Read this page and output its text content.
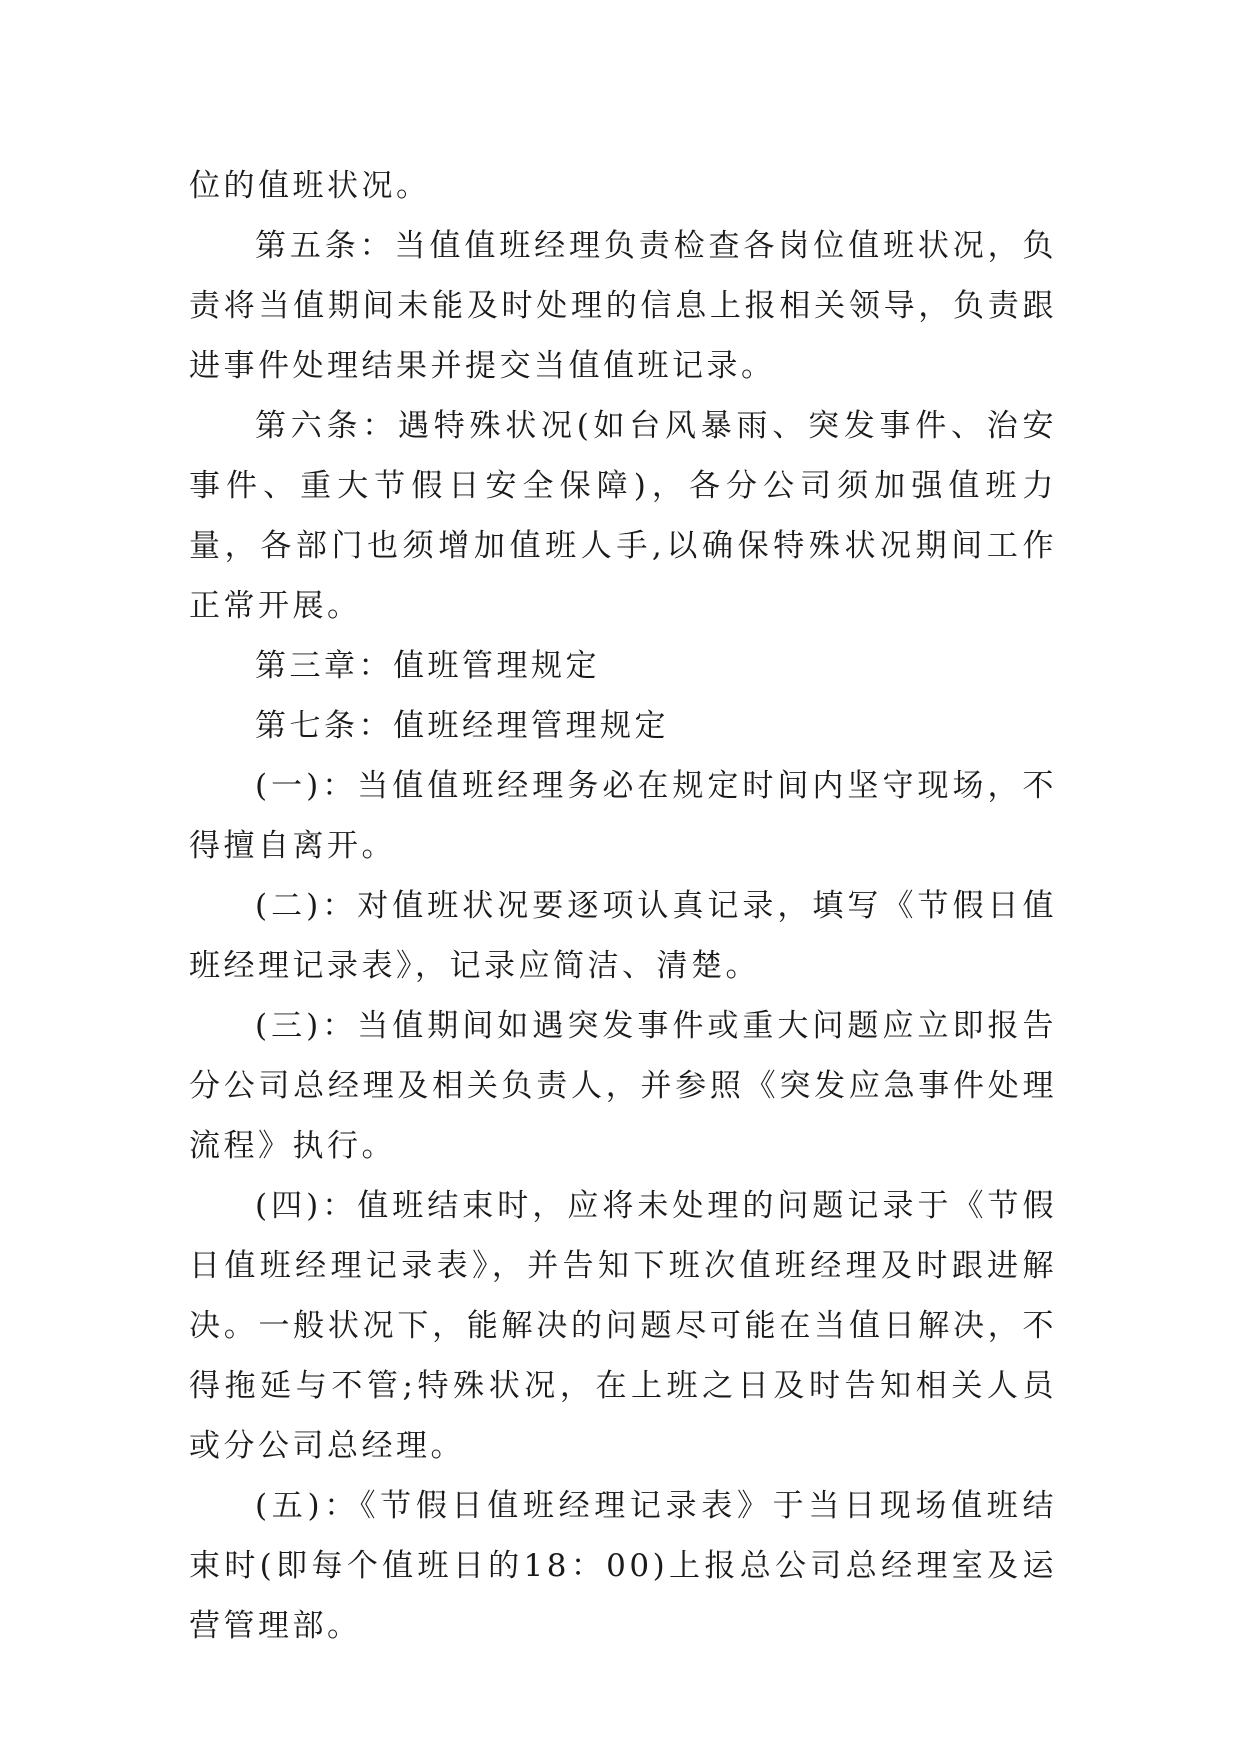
位的值班状况。

第五条：当值值班经理负责检查各岗位值班状况，负责将当值期间未能及时处理的信息上报相关领导，负责跟进事件处理结果并提交当值值班记录。

第六条：遇特殊状况(如台风暴雨、突发事件、治安事件、重大节假日安全保障)，各分公司须加强值班力量，各部门也须增加值班人手,以确保特殊状况期间工作正常开展。

第三章：值班管理规定

第七条：值班经理管理规定

(一)：当值值班经理务必在规定时间内坚守现场，不得擅自离开。

(二)：对值班状况要逐项认真记录，填写《节假日值班经理记录表》，记录应简洁、清楚。

(三)：当值期间如遇突发事件或重大问题应立即报告分公司总经理及相关负责人，并参照《突发应急事件处理流程》执行。

(四)：值班结束时，应将未处理的问题记录于《节假日值班经理记录表》，并告知下班次值班经理及时跟进解决。一般状况下，能解决的问题尽可能在当值日解决，不得拖延与不管;特殊状况，在上班之日及时告知相关人员或分公司总经理。

(五)：《节假日值班经理记录表》于当日现场值班结束时(即每个值班日的18：00)上报总公司总经理室及运营管理部。
